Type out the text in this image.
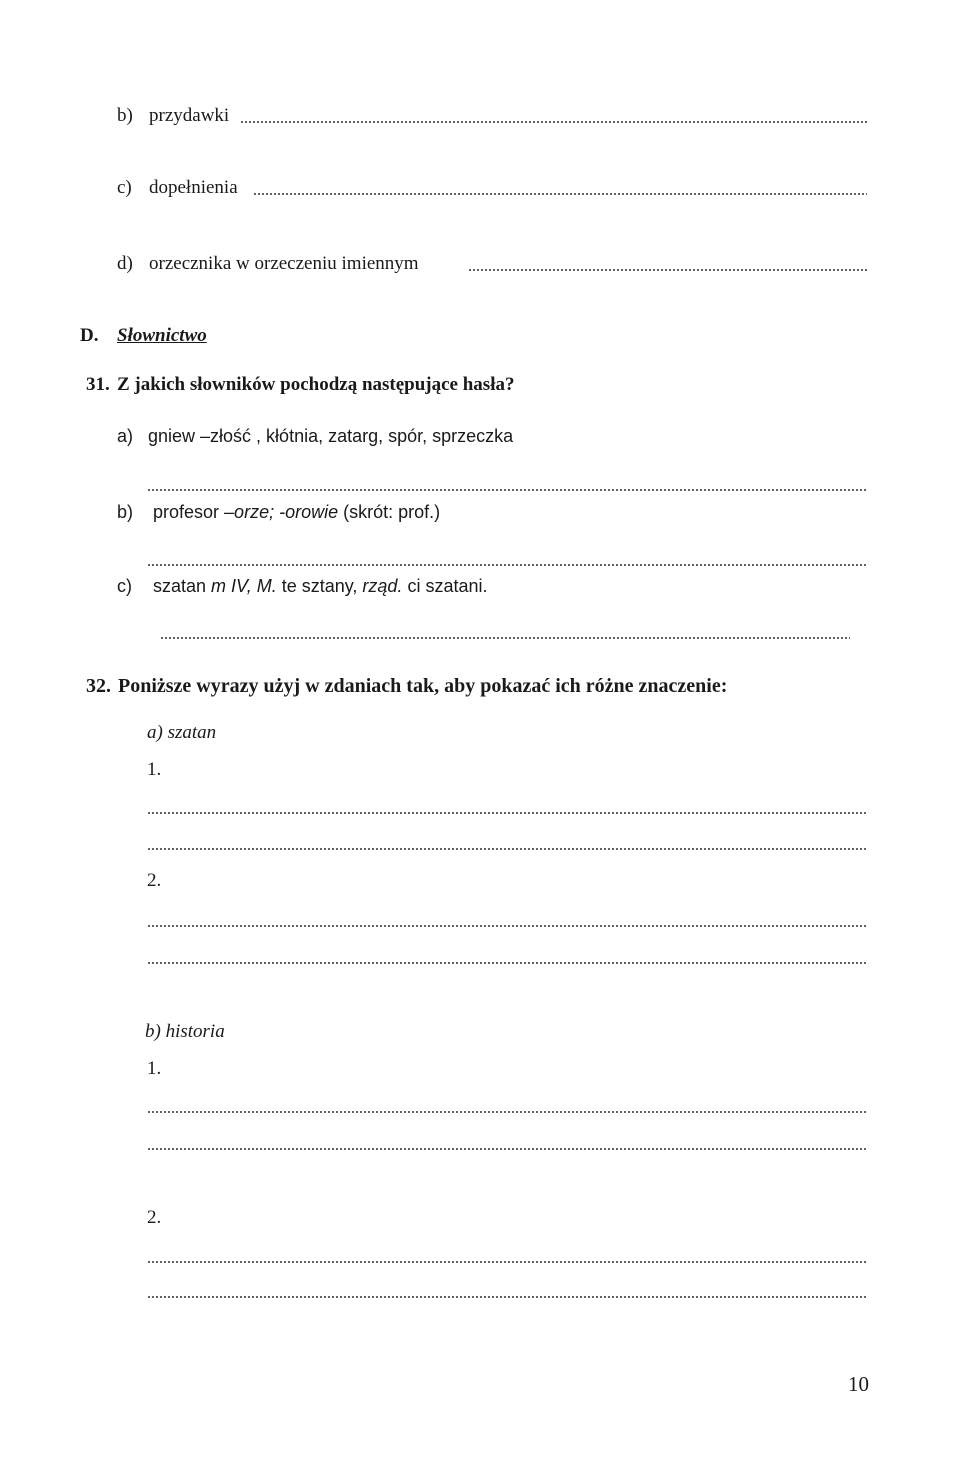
b) przydawki
c) dopełnienia
d) orzecznika w orzeczeniu imiennym
D. Słownictwo
31. Z jakich słowników pochodzą następujące hasła?
a) gniew –złość , kłótnia, zatarg, spór, sprzeczka
b) profesor –orze; -orowie (skrót: prof.)
c) szatan m IV, M. te sztany, rząd. ci szatani.
32. Poniższe wyrazy użyj w zdaniach tak, aby pokazać ich różne znaczenie:
a) szatan
1.
2.
b) historia
1.
2.
10
